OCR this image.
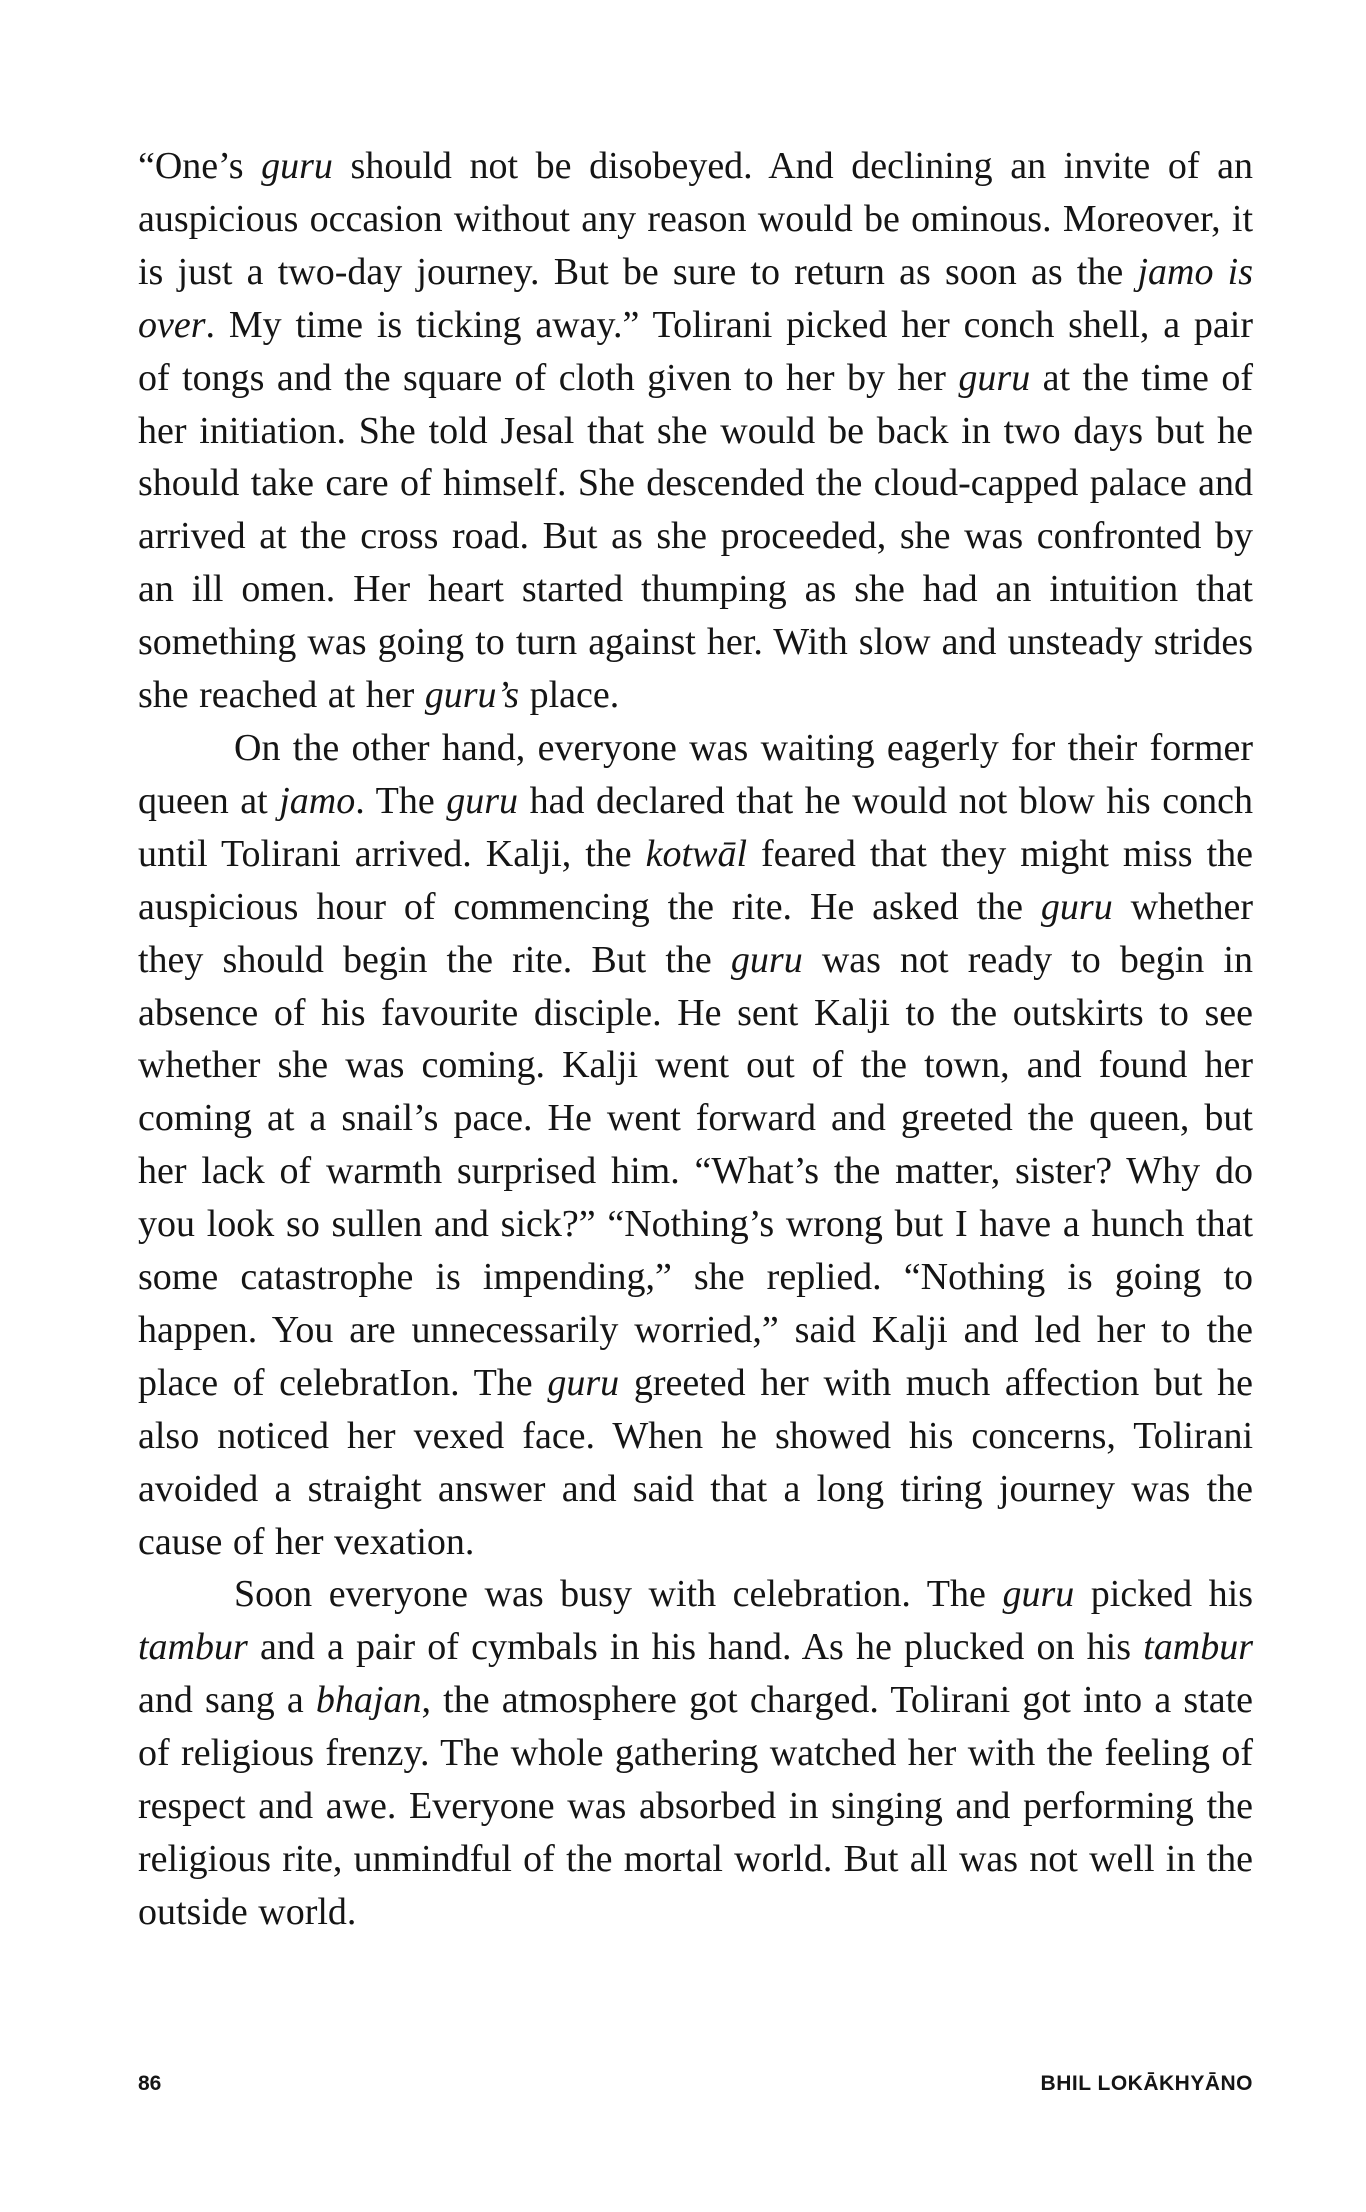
“One’s guru should not be disobeyed. And declining an invite of an auspicious occasion without any reason would be ominous. Moreover, it is just a two-day journey. But be sure to return as soon as the jamo is over. My time is ticking away.” Tolirani picked her conch shell, a pair of tongs and the square of cloth given to her by her guru at the time of her initiation. She told Jesal that she would be back in two days but he should take care of himself. She descended the cloud-capped palace and arrived at the cross road. But as she proceeded, she was confronted by an ill omen. Her heart started thumping as she had an intuition that something was going to turn against her. With slow and unsteady strides she reached at her guru’s place.

On the other hand, everyone was waiting eagerly for their former queen at jamo. The guru had declared that he would not blow his conch until Tolirani arrived. Kalji, the kotwāl feared that they might miss the auspicious hour of commencing the rite. He asked the guru whether they should begin the rite. But the guru was not ready to begin in absence of his favourite disciple. He sent Kalji to the outskirts to see whether she was coming. Kalji went out of the town, and found her coming at a snail’s pace. He went forward and greeted the queen, but her lack of warmth surprised him. “What’s the matter, sister? Why do you look so sullen and sick?” “Nothing’s wrong but I have a hunch that some catastrophe is impending,” she replied. “Nothing is going to happen. You are unnecessarily worried,” said Kalji and led her to the place of celebratIon. The guru greeted her with much affection but he also noticed her vexed face. When he showed his concerns, Tolirani avoided a straight answer and said that a long tiring journey was the cause of her vexation.

Soon everyone was busy with celebration. The guru picked his tambur and a pair of cymbals in his hand. As he plucked on his tambur and sang a bhajan, the atmosphere got charged. Tolirani got into a state of religious frenzy. The whole gathering watched her with the feeling of respect and awe. Everyone was absorbed in singing and performing the religious rite, unmindful of the mortal world. But all was not well in the outside world.

86	BHIL LOKĀKHYĀNO
